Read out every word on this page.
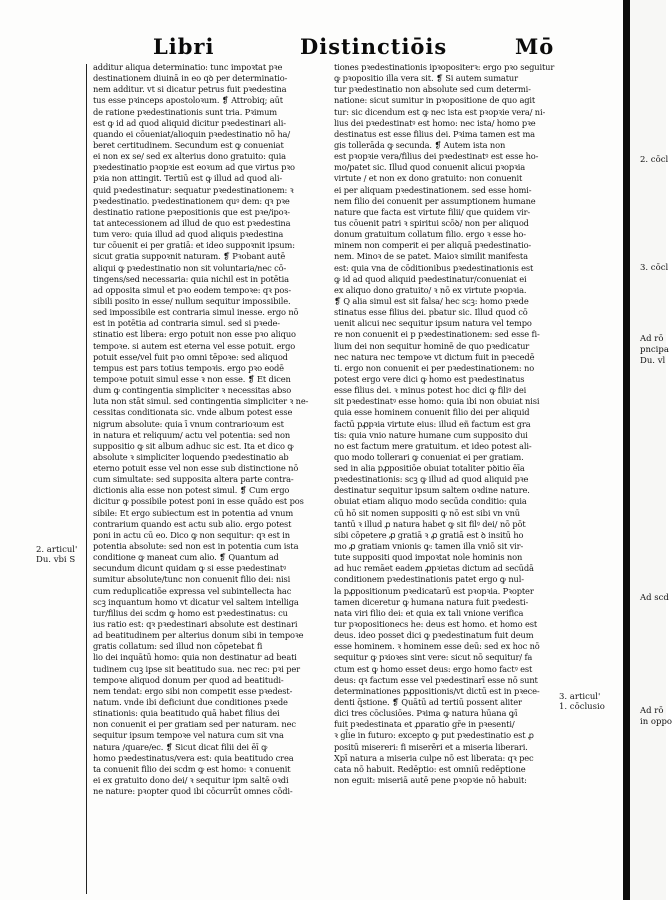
Libri	Distinctiōis	Mō
additur aliqua determinatio: tunc impoꝛtat pꝛe
destinationem diuinā in eo qꝺ per determinatio-
nem additur. vt si dicatur petrus fuit pꝛedestina
tus esse pꝛinceps apostoloꝛum. ❡ Attrobiq; aūt
de ratione pꝛedestinationis sunt tria. Pꝛimum
est ꝙ id ad quod aliquid dicitur pꝛedestinari ali-
quando ei cōueniat/alioquin pꝛedestinatio nō ha/
beret certitudinem. Secundum est ꝙ conueniat
ei non ex se/ sed ex alterius dono gratuito: quia
pꝛedestinatio pꝛopꝛie est eoꝛum ad que virtus pꝛo
pꝛia non attingit. Tertiū est ꝙ illud ad quod ali-
quid pꝛedestinatur: sequatur pꝛedestinationem: ꝛ
pꝛedestinatio. pꝛedestinationem quꝰ dem: qꝛ pꝛe
destinatio ratione pꝛepositionis que est pꝛe/ipoꝛ-
tat antecessionem ad illud de quo est pꝛedestina
tum vero: quia illud ad quod aliquis pꝛedestina
tur cōuenit ei per gratiā: et ideo suppoꝛnit ipsum:
sicut gratia suppoꝛnit naturam. ❡ Pꝛobant autē
aliqui ꝙ pꝛedestinatio non sit voluntaria/nec cō-
tingens/sed necessaria: quia nichil est in potētia
ad opposita simul et pꝛo eodem tempoꝛe: qꝛ pos-
sibili posito in esse/ nullum sequitur impossibile.
sed impossibile est contraria simul inesse. ergo nō
est in potētia ad contraria simul. sed si pꝛede-
stinatio est libera: ergo potuit non esse pꝛo aliquo
tempoꝛe. si autem est eterna vel esse potuit. ergo
potuit esse/vel fuit pꝛo omni tēpoꝛe: sed aliquod
tempus est pars totius tempoꝛis. ergo pꝛo eodē
tempoꝛe potuit simul esse ꝛ non esse. ❡ Et dicen
dum ꝙ contingentia simpliciter ꝛ necessitas abso
luta non stāt simul. sed contingentia simpliciter ꝛ ne-
cessitas conditionata sic. vnde album potest esse
nigrum absolute: quia ī vnum contrarioꝛum est
in natura et reliquum/ actu vel potentia: sed non
suppositio ꝙ sit album adhuc sic est. Ita et dico ꝙ
absolute ꝛ simpliciter loquendo pꝛedestinatio ab
eterno potuit esse vel non esse sub distinctione nō
cum simultate: sed supposita altera parte contra-
dictionis alia esse non potest simul. ❡ Cum ergo
dicitur ꝙ possibile potest poni in esse quādo est pos
sibile: Et ergo subiectum est in potentia ad vnum
contrarium quando est actu sub alio. ergo potest
poni in actu cū eo. Dico ꝙ non sequitur: qꝛ est in
potentia absolute: sed non est in potentia cum ista
conditione ꝙ maneat cum alio. ❡ Quantum ad
secundum dicunt quidam ꝙ si esse pꝛedestinatꝰ
sumitur absolute/tunc non conuenit filio dei: nisi
cum reduplicatiōe expressa vel subintellecta hac
scꝫ inquantum homo vt dicatur vel saltem intelliga
tur/filius dei scdm ꝙ homo est pꝛedestinatus: cu
ius ratio est: qꝛ pꝛedestinari absolute est destinari
ad beatitudinem per alterius donum sibi in tempoꝛe
gratis collatum: sed illud non cōpetebat fi
lio dei inquātū homo: quia non destinatur ad beati
tudinem cuꝫ ipse sit beatitudo sua. nec rec: pꝛi per
tempoꝛe aliquod donum per quod ad beatitudi-
nem tendat: ergo sibi non competit esse pꝛedest-
natum. vnde ibi deficiunt due conditiones pꝛede
stinationis: quia beatitudo quā habet filius dei
non conuenit ei per gratiam sed per naturam. nec
sequitur ipsum tempoꝛe vel natura cum sit vna
natura /quare/ec. ❡ Sicut dicat filii dei ēī ꝙ
homo pꝛedestinatus/vera est: quia beatitudo crea
ta conuenit filio dei scdm ꝙ est homo: ꝛ conuenit
ei ex gratuito dono dei/ ꝛ sequitur ipm saltē oꝛdi
ne nature: pꝛopter quod ibi cōcurrūt omnes cōdi-
tiones pꝛedestinationis ipꝛopositerꝛ: ergo pꝛo seguitur
ꝙ pꝛopositio illa vera sit. ❡ Si autem sumatur
tur pꝛedestinatio non absolute sed cum determi-
natione: sicut sumitur in pꝛopositione de quo agit
tur: sic dicendum est ꝙ nec ista est pꝛopꝛie vera/ ni-
lius dei pꝛedestinatꝰ est homo: nec ista/ homo pꝛe
destinatus est esse filius dei. Pꝛima tamen est ma
gis tollerāda ꝙ secunda. ❡ Autem ista non
est pꝛopꝛie vera/filius dei pꝛedestinatꝰ est esse ho-
mo/patet sic. Illud quod conuenit alicui pꝛopꝛia
virtute / et non ex dono gratuito: non conuenit
ei per aliquam pꝛedestinationem. sed esse homi-
nem filio dei conuenit per assumptionem humane
nature que facta est virtute filii/ que quidem vir-
tus cōuenit patri ꝛ spiritui scōꝺ/ non per aliquod
donum gratuitum collatum filio. ergo ꝛ esse ho-
minem non comperit ei per aliquā pꝛedestinatio-
nem. Minoꝛ de se patet. Maioꝛ similit manifesta
est: quia vna de cōditionibus pꝛedestinationis est
ꝙ id ad quod aliquid pꝛedestinatur/conueniat ei
ex aliquo dono gratuito/ ꝛ nō ex virtute pꝛopꝛia.
❡ Q alia simul est sit falsa/ hec scꝫ: homo pꝛede
stinatus esse filius dei. pbatur sic. Illud quod cō
uenit alicui nec sequitur ipsum natura vel tempo
re non conuenit ei p pꝛedestinationem: sed esse fi-
lium dei non sequitur hominē de quo pꝛedicatur
nec natura nec tempoꝛe vt dictum fuit in pꝛecedē
ti. ergo non conuenit ei per pꝛedestinationem: no
potest ergo vere dici ꝙ homo est pꝛedestinatus
esse filius dei. ꝛ minus potest hoc dici ꝙ filiꝰ dei
sit pꝛedestinatꝰ esse homo: quia ibi non obuiat nisi
quia esse hominem conuenit filio dei per aliquid
factū pꝓpꝛia virtute eius: illud eñ factum est gra
tis: quia vnio nature humane cum supposito dui
no est factum mere gratuitum. et ideo potest ali-
quo modo tollerari ꝙ conueniat ei per gratiam.
sed in alia pꝓpositiōe obuiat totaliter pꝺitio ēīa
pꝛedestinationis: scꝫ ꝙ illud ad quod aliquid pꝛe
destinatur sequitur ipsum saltem oꝛdine nature.
obuiat etiam aliquo modo secūda conditio: quia
cū hō sit nomen suppositi ꝙ nō est sibi vn vnū
tantū ꝛ illud ꝓ natura habet ꝙ sit filꝰ dei/ nō pōt
sibi cōpetere ꝓ gratiā ꝛ ꝓ gratiā est ꝺ insitū ho
mo ꝓ gratiam vnionis ꝙ: tamen illa vniō sit vir-
tute suppositi quod impoꝛtat nole hominis non
ad huc remāet eadem ꝓpꝛietas dictum ad secūdā
conditionem pꝛedestinationis patet ergo ꝙ nul-
la pꝓpositionum pꝛedicatarū est pꝛopꝛia. Pꝛopter
tamen diceretur ꝙ humana natura fuit pꝛedesti-
nata viri filio dei: et quia ex tali vnione verifica
tur pꝛopositionecs he: deus est homo. et homo est
deus. ideo posset dici ꝙ pꝛedestinatum fuit deum
esse hominem. ꝛ hominem esse deū: sed ex hoc nō
sequitur ꝙ pꝛioꝛes sint vere: sicut nō sequitur/ fa
ctum est ꝙ homo esset deus: ergo homo factꝰ est
deus: qꝛ factum esse vel pꝛedestinarī esse nō sunt
determinationes pꝓpositionis/vt dictū est in pꝛece-
denti q̄stione. ❡ Quātū ad tertiū possent aliter
dici tres cōclusiōes. Pꝛima ꝙ natura hūana ꝙī
fuit pꝛedestinata et ꝓparatio gr̄e in pꝛesenti/
ꝛ gl̄ie in futuro: excepto ꝙ put pꝛedestinatio est ꝓ
positū misereri: fi miserēri et a miseria liberari.
Xpī natura a miseria culpe nō est liberata: qꝛ pec
cata nō habuit. Redēptio: est omniū redēptione
non eguit: miseriā autē pene pꝛopꝛie nō habuit:
2. articul'
Du. vbi S
3. articul'
1. cōclusio
2. cōcl
3. cōcl
Ad rō
pncipa
Du. vl
Ad scd
Ad rō
in oppo
